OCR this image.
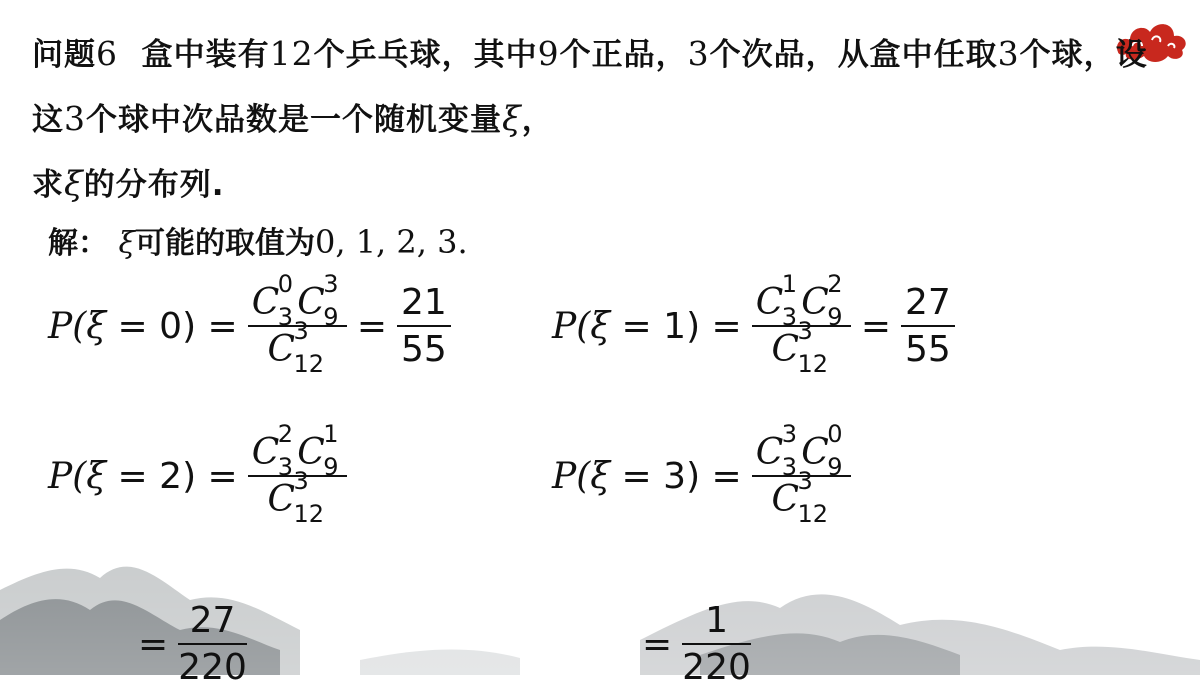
问题6 盒中装有12个乒乓球，其中9个正品，3个次品，从盒中任取3个球，设这3个球中次品数是一个随机变量ξ，
求ξ的分布列.
解： ξ可能的取值为0, 1, 2, 3.
P(ξ = 0) = C
0
3 C
3
9
C
3
$12 = \frac{21}{55}$	P(ξ = 1) = C
1
3 C
2
9
C
3
$12 = \frac{27}{55}$
P(ξ = 2) = C
2
3 C
1
9
C
3
12	P(ξ = 3) = C
3
3 C
0
9
C
3
12
= $\frac{27}{220}$	= $\frac{1}{220}$
